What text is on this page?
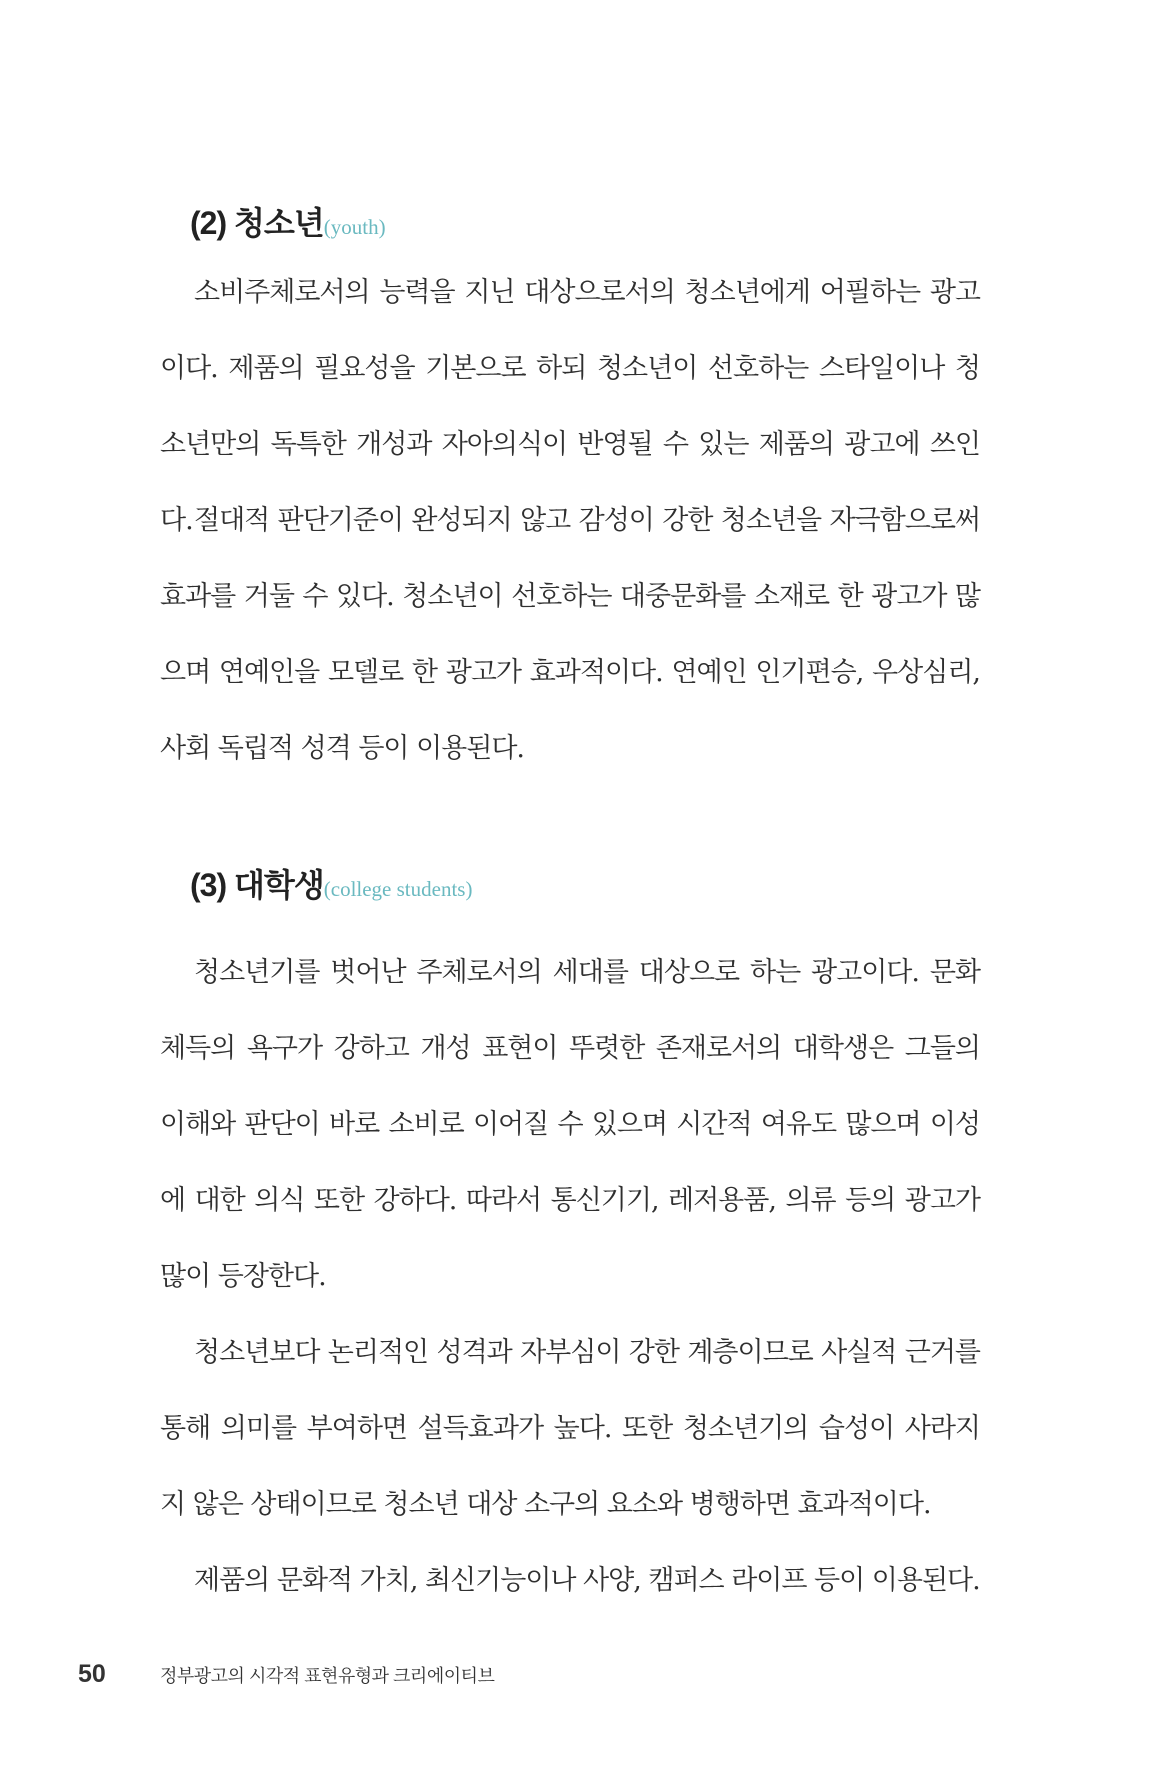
(2) 청소년(youth)

소비주체로서의 능력을 지닌 대상으로서의 청소년에게 어필하는 광고이다. 제품의 필요성을 기본으로 하되 청소년이 선호하는 스타일이나 청소년만의 독특한 개성과 자아의식이 반영될 수 있는 제품의 광고에 쓰인다. 절대적 판단기준이 완성되지 않고 감성이 강한 청소년을 자극함으로써 효과를 거둘 수 있다. 청소년이 선호하는 대중문화를 소재로 한 광고가 많으며 연예인을 모델로 한 광고가 효과적이다. 연예인 인기편승, 우상심리, 사회 독립적 성격 등이 이용된다.

(3) 대학생(college students)

청소년기를 벗어난 주체로서의 세대를 대상으로 하는 광고이다. 문화체득의 욕구가 강하고 개성 표현이 뚜렷한 존재로서의 대학생은 그들의 이해와 판단이 바로 소비로 이어질 수 있으며 시간적 여유도 많으며 이성에 대한 의식 또한 강하다. 따라서 통신기기, 레저용품, 의류 등의 광고가 많이 등장한다.

청소년보다 논리적인 성격과 자부심이 강한 계층이므로 사실적 근거를 통해 의미를 부여하면 설득효과가 높다. 또한 청소년기의 습성이 사라지지 않은 상태이므로 청소년 대상 소구의 요소와 병행하면 효과적이다.

제품의 문화적 가치, 최신기능이나 사양, 캠퍼스 라이프 등이 이용된다.

50	정부광고의 시각적 표현유형과 크리에이티브
